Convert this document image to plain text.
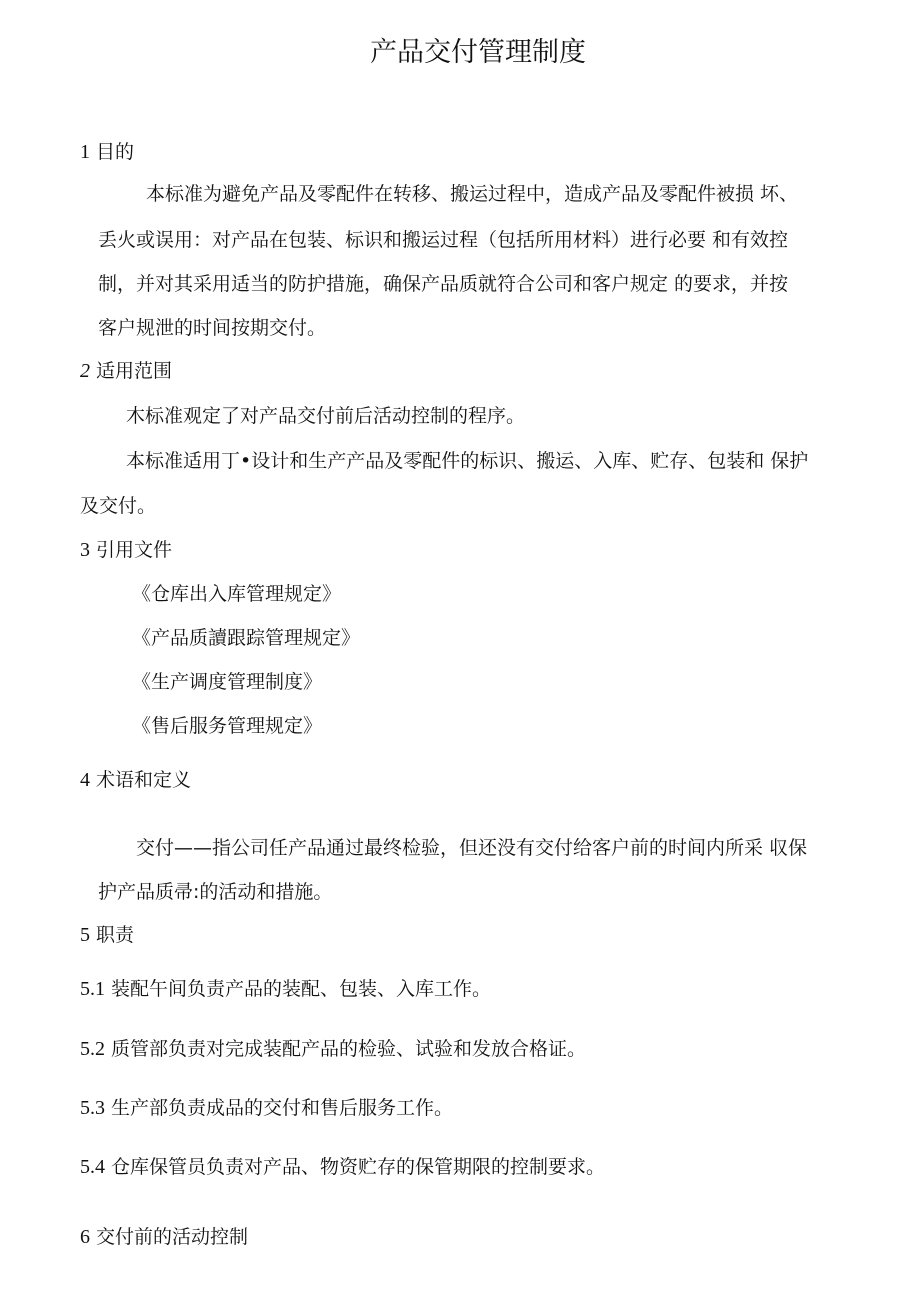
产品交付管理制度
1 目的
本标准为避免产品及零配件在转移、搬运过程中，造成产品及零配件被损 坏、
丢火或误用：对产品在包装、标识和搬运过程（包括所用材料）进行必要 和有效控
制，并对其采用适当的防护措施，确保产品质就符合公司和客户规定 的要求，并按
客户规泄的时间按期交付。
2 适用范围
木标准观定了对产品交付前后活动控制的程序。
本标准适用丁•设计和生产产品及零配件的标识、搬运、入库、贮存、包装和 保护
及交付。
3 引用文件
《仓库出入库管理规定》
《产品质讀跟踪管理规定》
《生产调度管理制度》
《售后服务管理规定》
4 术语和定义
交付——指公司任产品通过最终检验，但还没有交付给客户前的时间内所采 収保
护产品质帚:的活动和措施。
5 职责
5.1 装配午间负责产品的装配、包装、入库工作。
5.2 质管部负责对完成装配产品的检验、试验和发放合格证。
5.3 生产部负责成品的交付和售后服务工作。
5.4 仓库保管员负责对产品、物资贮存的保管期限的控制要求。
6 交付前的活动控制
